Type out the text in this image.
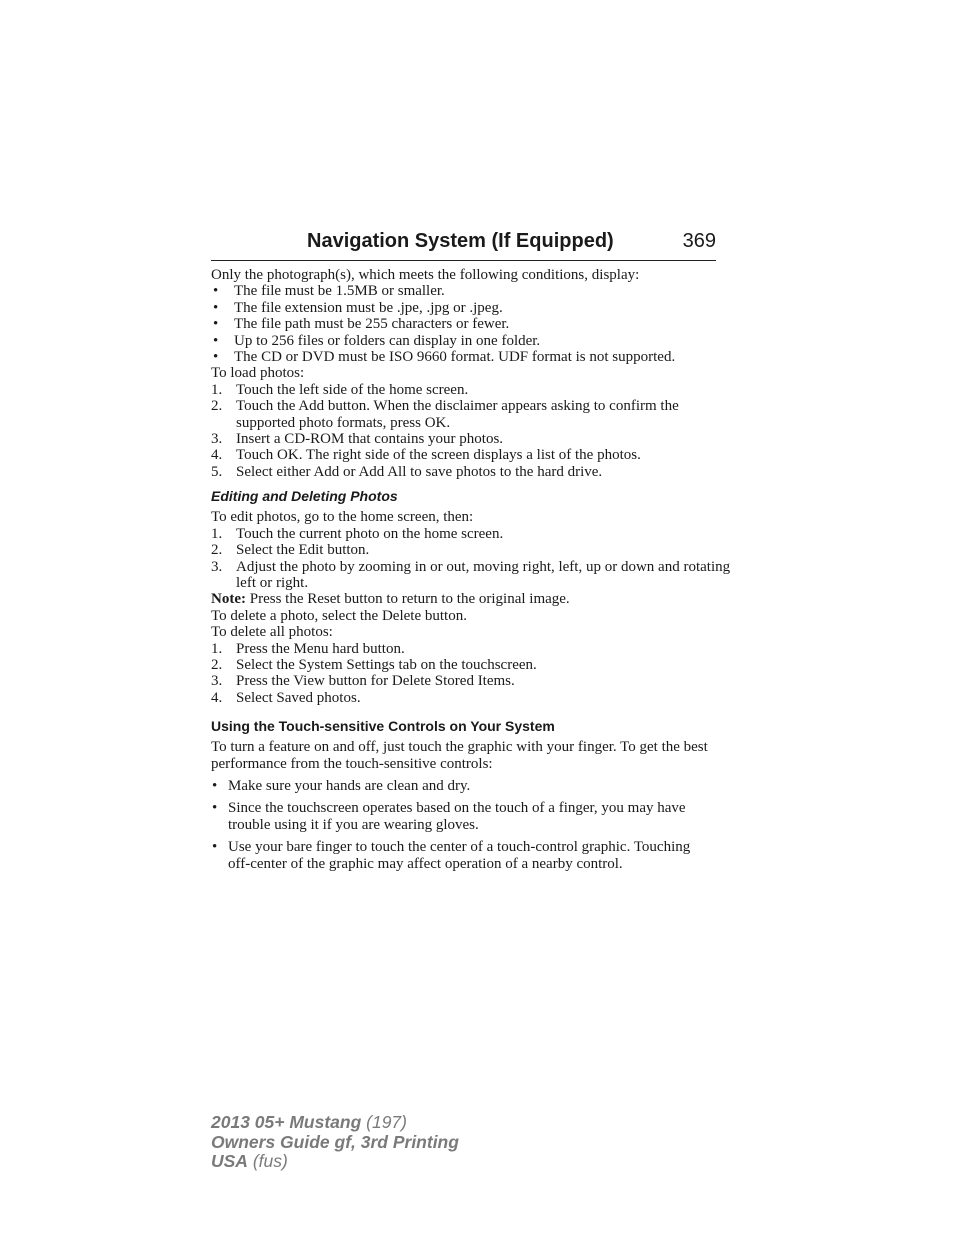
Navigation System (If Equipped)	369

Only the photograph(s), which meets the following conditions, display:

• The file must be 1.5MB or smaller.
• The file extension must be .jpe, .jpg or .jpeg.
• The file path must be 255 characters or fewer.
• Up to 256 files or folders can display in one folder.
• The CD or DVD must be ISO 9660 format. UDF format is not supported.

To load photos:

1. Touch the left side of the home screen.
2. Touch the Add button. When the disclaimer appears asking to confirm the supported photo formats, press OK.
3. Insert a CD-ROM that contains your photos.
4. Touch OK. The right side of the screen displays a list of the photos.
5. Select either Add or Add All to save photos to the hard drive.
Editing and Deleting Photos

To edit photos, go to the home screen, then:

1. Touch the current photo on the home screen.
2. Select the Edit button.
3. Adjust the photo by zooming in or out, moving right, left, up or down and rotating left or right.

Note: Press the Reset button to return to the original image.

To delete a photo, select the Delete button.

To delete all photos:

1. Press the Menu hard button.
2. Select the System Settings tab on the touchscreen.
3. Press the View button for Delete Stored Items.
4. Select Saved photos.
Using the Touch-sensitive Controls on Your System

To turn a feature on and off, just touch the graphic with your finger. To get the best performance from the touch-sensitive controls:

• Make sure your hands are clean and dry.
• Since the touchscreen operates based on the touch of a finger, you may have trouble using it if you are wearing gloves.
• Use your bare finger to touch the center of a touch-control graphic. Touching off-center of the graphic may affect operation of a nearby control.
2013 05+ Mustang (197)
Owners Guide gf, 3rd Printing
USA (fus)
